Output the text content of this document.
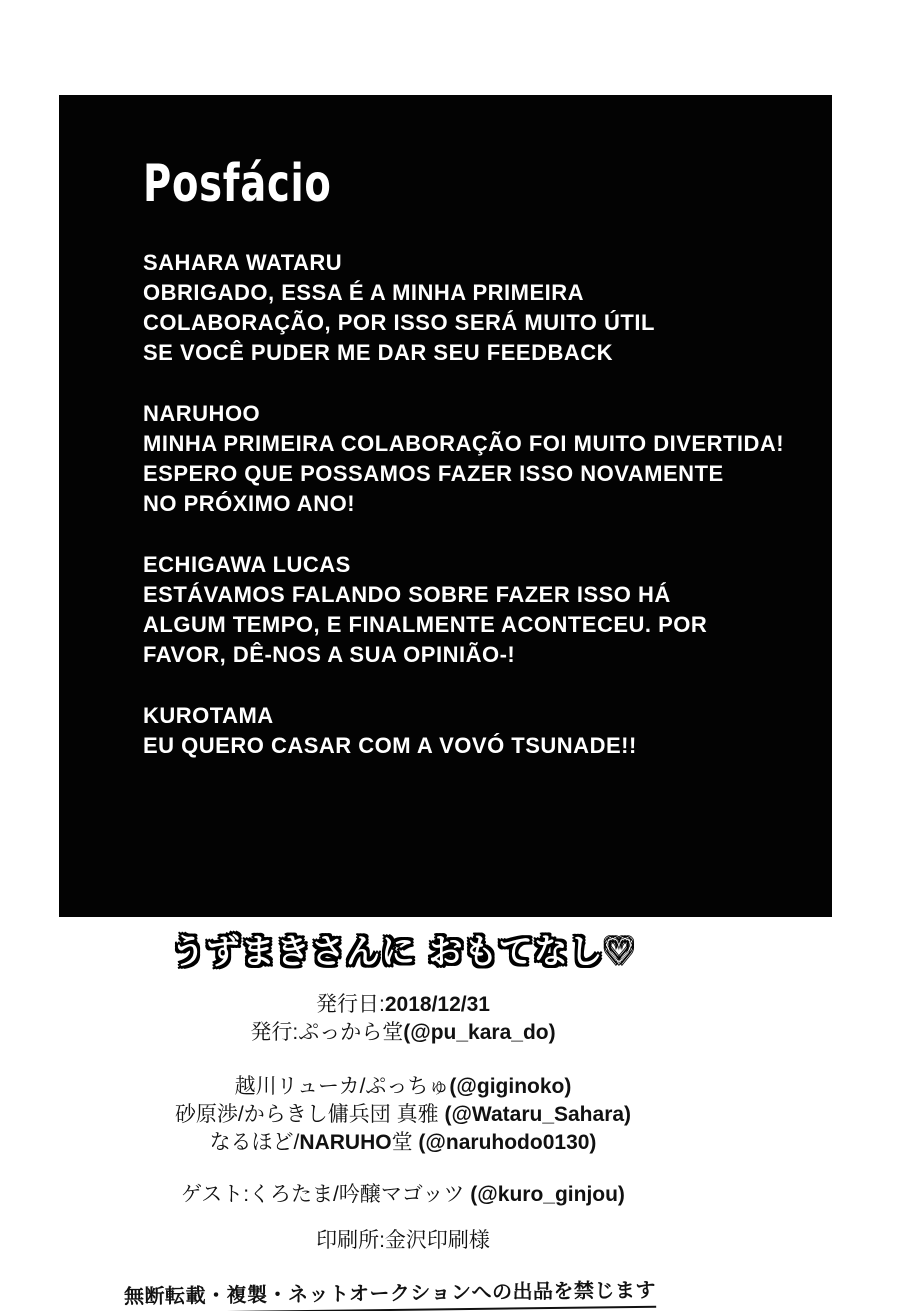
Posfácio
SAHARA WATARU
OBRIGADO, ESSA É A MINHA PRIMEIRA
COLABORAÇÃO, POR ISSO SERÁ MUITO ÚTIL
SE VOCÊ PUDER ME DAR SEU FEEDBACK
NARUHOO
MINHA PRIMEIRA COLABORAÇÃO FOI MUITO DIVERTIDA!
ESPERO QUE POSSAMOS FAZER ISSO NOVAMENTE
NO PRÓXIMO ANO!
ECHIGAWA LUCAS
ESTÁVAMOS FALANDO SOBRE FAZER ISSO HÁ
ALGUM TEMPO, E FINALMENTE ACONTECEU. POR
FAVOR, DÊ-NOS A SUA OPINIÃO-!
KUROTAMA
EU QUERO CASAR COM A VOVÓ TSUNADE!!
うずまきさんに おもてなし♡
発行日:2018/12/31
発行:ぷっから堂(@pu_kara_do)
越川リューカ/ぷっちゅ(@giginoko)
砂原渉/からきし傭兵団 真雅 (@Wataru_Sahara)
なるほど/NARUHO堂 (@naruhodo0130)
ゲスト:くろたま/吟醸マゴッツ (@kuro_ginjou)
印刷所:金沢印刷様
無断転載・複製・ネットオークションへの出品を禁じます
